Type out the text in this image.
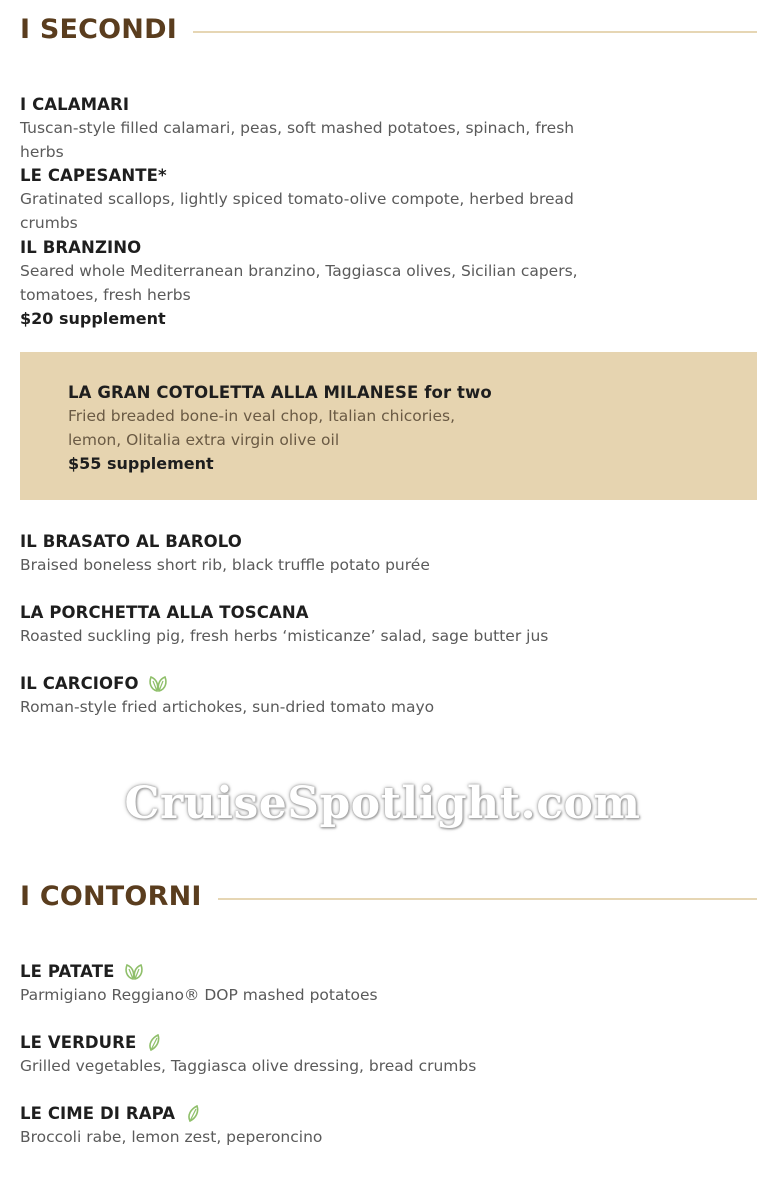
I SECONDI
I CALAMARI
Tuscan-style filled calamari, peas, soft mashed potatoes, spinach, fresh herbs
LE CAPESANTE*
Gratinated scallops, lightly spiced tomato-olive compote, herbed bread crumbs
IL BRANZINO
Seared whole Mediterranean branzino, Taggiasca olives, Sicilian capers, tomatoes, fresh herbs
$20 supplement
LA GRAN COTOLETTA ALLA MILANESE for two
Fried breaded bone-in veal chop, Italian chicories, lemon, Olitalia extra virgin olive oil
$55 supplement
IL BRASATO AL BAROLO
Braised boneless short rib, black truffle potato purée
LA PORCHETTA ALLA TOSCANA
Roasted suckling pig, fresh herbs ‘misticanze’ salad, sage butter jus
IL CARCIOFO
Roman-style fried artichokes, sun-dried tomato mayo
CruiseSpotlight.com
I CONTORNI
LE PATATE
Parmigiano Reggiano® DOP mashed potatoes
LE VERDURE
Grilled vegetables, Taggiasca olive dressing, bread crumbs
LE CIME DI RAPA
Broccoli rabe, lemon zest, peperoncino
